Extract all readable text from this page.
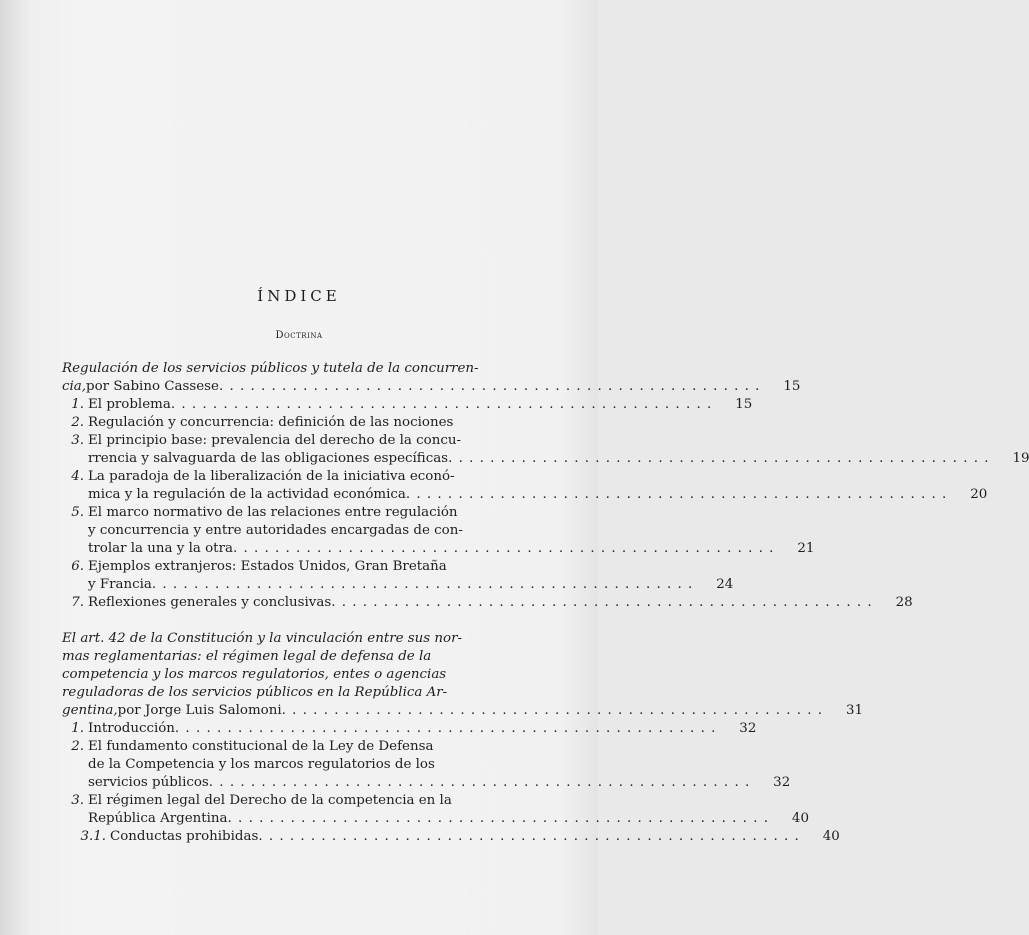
ÍNDICE
Doctrina
Regulación de los servicios públicos y tutela de la concurren-
cia, por Sabino Cassese . . .	15
1. El problema . . .	15
2. Regulación y concurrencia: definición de las nociones
3. El principio base: prevalencia del derecho de la concu-
rrencia y salvaguarda de las obligaciones específicas . . .	19
4. La paradoja de la liberalización de la iniciativa econó-
mica y la regulación de la actividad económica . . .	20
5. El marco normativo de las relaciones entre regulación
y concurrencia y entre autoridades encargadas de con-
trolar la una y la otra . . .	21
6. Ejemplos extranjeros: Estados Unidos, Gran Bretaña
y Francia . . .	24
7. Reflexiones generales y conclusivas . . .	28
El art. 42 de la Constitución y la vinculación entre sus nor-
mas reglamentarias: el régimen legal de defensa de la
competencia y los marcos regulatorios, entes o agencias
reguladoras de los servicios públicos en la República Ar-
gentina, por Jorge Luis Salomoni . . .	31
1. Introducción . . .	32
2. El fundamento constitucional de la Ley de Defensa
de la Competencia y los marcos regulatorios de los
servicios públicos . . .	32
3. El régimen legal del Derecho de la competencia en la
República Argentina . . .	40
3.1. Conductas prohibidas . . .	40
